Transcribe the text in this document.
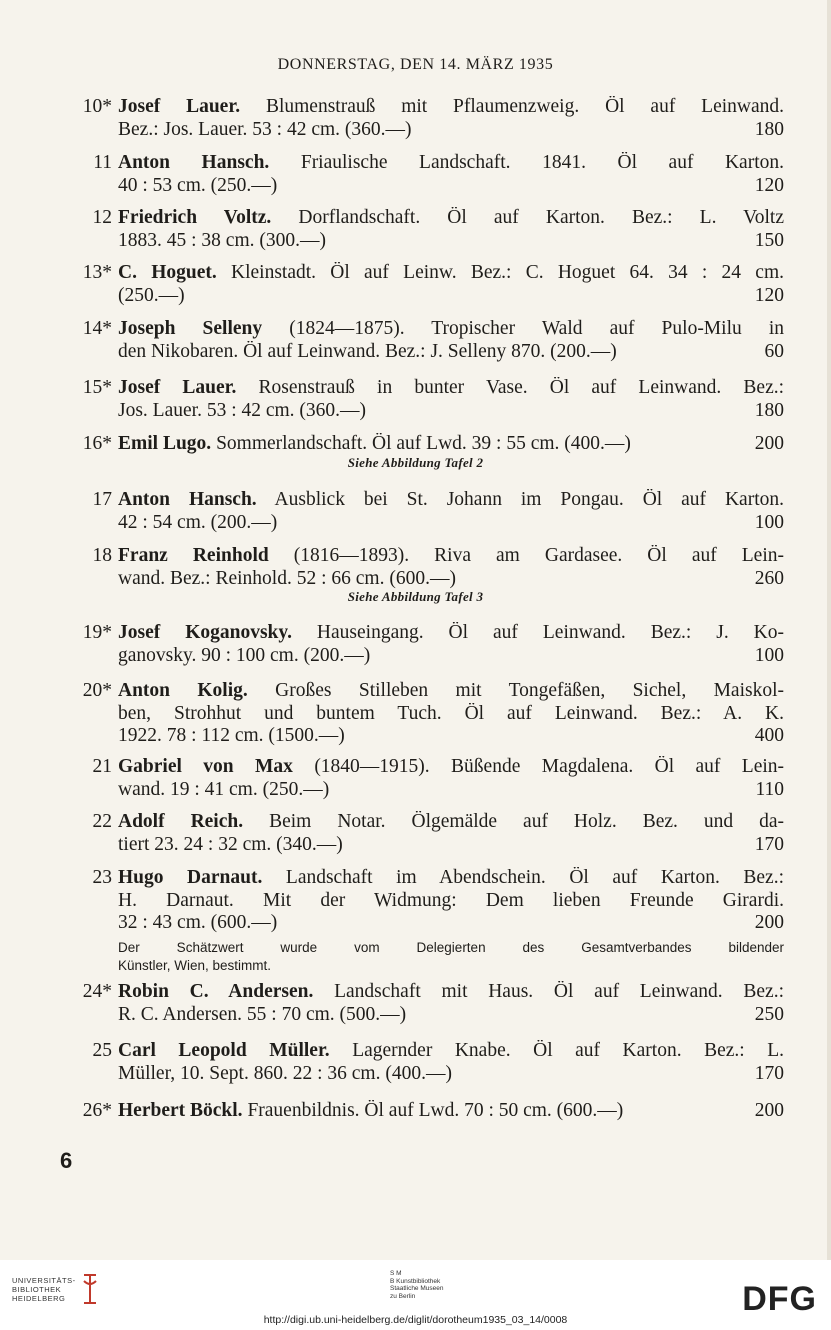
DONNERSTAG, DEN 14. MÄRZ 1935
10* Josef Lauer. Blumenstrauß mit Pflaumenzweig. Öl auf Leinwand.
Bez.: Jos. Lauer. 53 : 42 cm. (360.—)	180
11 Anton Hansch. Friaulische Landschaft. 1841. Öl auf Karton.
40 : 53 cm. (250.—)	120
12 Friedrich Voltz. Dorflandschaft. Öl auf Karton. Bez.: L. Voltz
1883. 45 : 38 cm. (300.—)	150
13* C. Hoguet. Kleinstadt. Öl auf Leinw. Bez.: C. Hoguet 64. 34 : 24 cm.
(250.—)	120
14* Joseph Selleny (1824—1875). Tropischer Wald auf Pulo-Milu in
den Nikobaren. Öl auf Leinwand. Bez.: J. Selleny 870. (200.—)	60
15* Josef Lauer. Rosenstrauß in bunter Vase. Öl auf Leinwand. Bez.:
Jos. Lauer. 53 : 42 cm. (360.—)	180
16* Emil Lugo. Sommerlandschaft. Öl auf Lwd. 39 : 55 cm. (400.—)	200
Siehe Abbildung Tafel 2
17 Anton Hansch. Ausblick bei St. Johann im Pongau. Öl auf Karton.
42 : 54 cm. (200.—)	100
18 Franz Reinhold (1816—1893). Riva am Gardasee. Öl auf Lein-
wand. Bez.: Reinhold. 52 : 66 cm. (600.—)	260
Siehe Abbildung Tafel 3
19* Josef Koganovsky. Hauseingang. Öl auf Leinwand. Bez.: J. Ko-
ganovsky. 90 : 100 cm. (200.—)	100
20* Anton Kolig. Großes Stilleben mit Tongefäßen, Sichel, Maiskol-
ben, Strohhut und buntem Tuch. Öl auf Leinwand. Bez.: A. K.
1922. 78 : 112 cm. (1500.—)	400
21 Gabriel von Max (1840—1915). Büßende Magdalena. Öl auf Lein-
wand. 19 : 41 cm. (250.—)	110
22 Adolf Reich. Beim Notar. Ölgemälde auf Holz. Bez. und da-
tiert 23. 24 : 32 cm. (340.—)	170
23 Hugo Darnaut. Landschaft im Abendschein. Öl auf Karton. Bez.:
H. Darnaut. Mit der Widmung: Dem lieben Freunde Girardi.
32 : 43 cm. (600.—)	200
Der Schätzwert wurde vom Delegierten des Gesamtverbandes bildender
Künstler, Wien, bestimmt.
24* Robin C. Andersen. Landschaft mit Haus. Öl auf Leinwand. Bez.:
R. C. Andersen. 55 : 70 cm. (500.—)	250
25 Carl Leopold Müller. Lagernder Knabe. Öl auf Karton. Bez.: L.
Müller, 10. Sept. 860. 22 : 36 cm. (400.—)	170
26* Herbert Böckl. Frauenbildnis. Öl auf Lwd. 70 : 50 cm. (600.—)	200
6
UNIVERSITÄTS-
BIBLIOTHEK
HEIDELBERG
S M
B Kunstbibliothek
Staatliche Museen
zu Berlin	DFG
http://digi.ub.uni-heidelberg.de/diglit/dorotheum1935_03_14/0008
